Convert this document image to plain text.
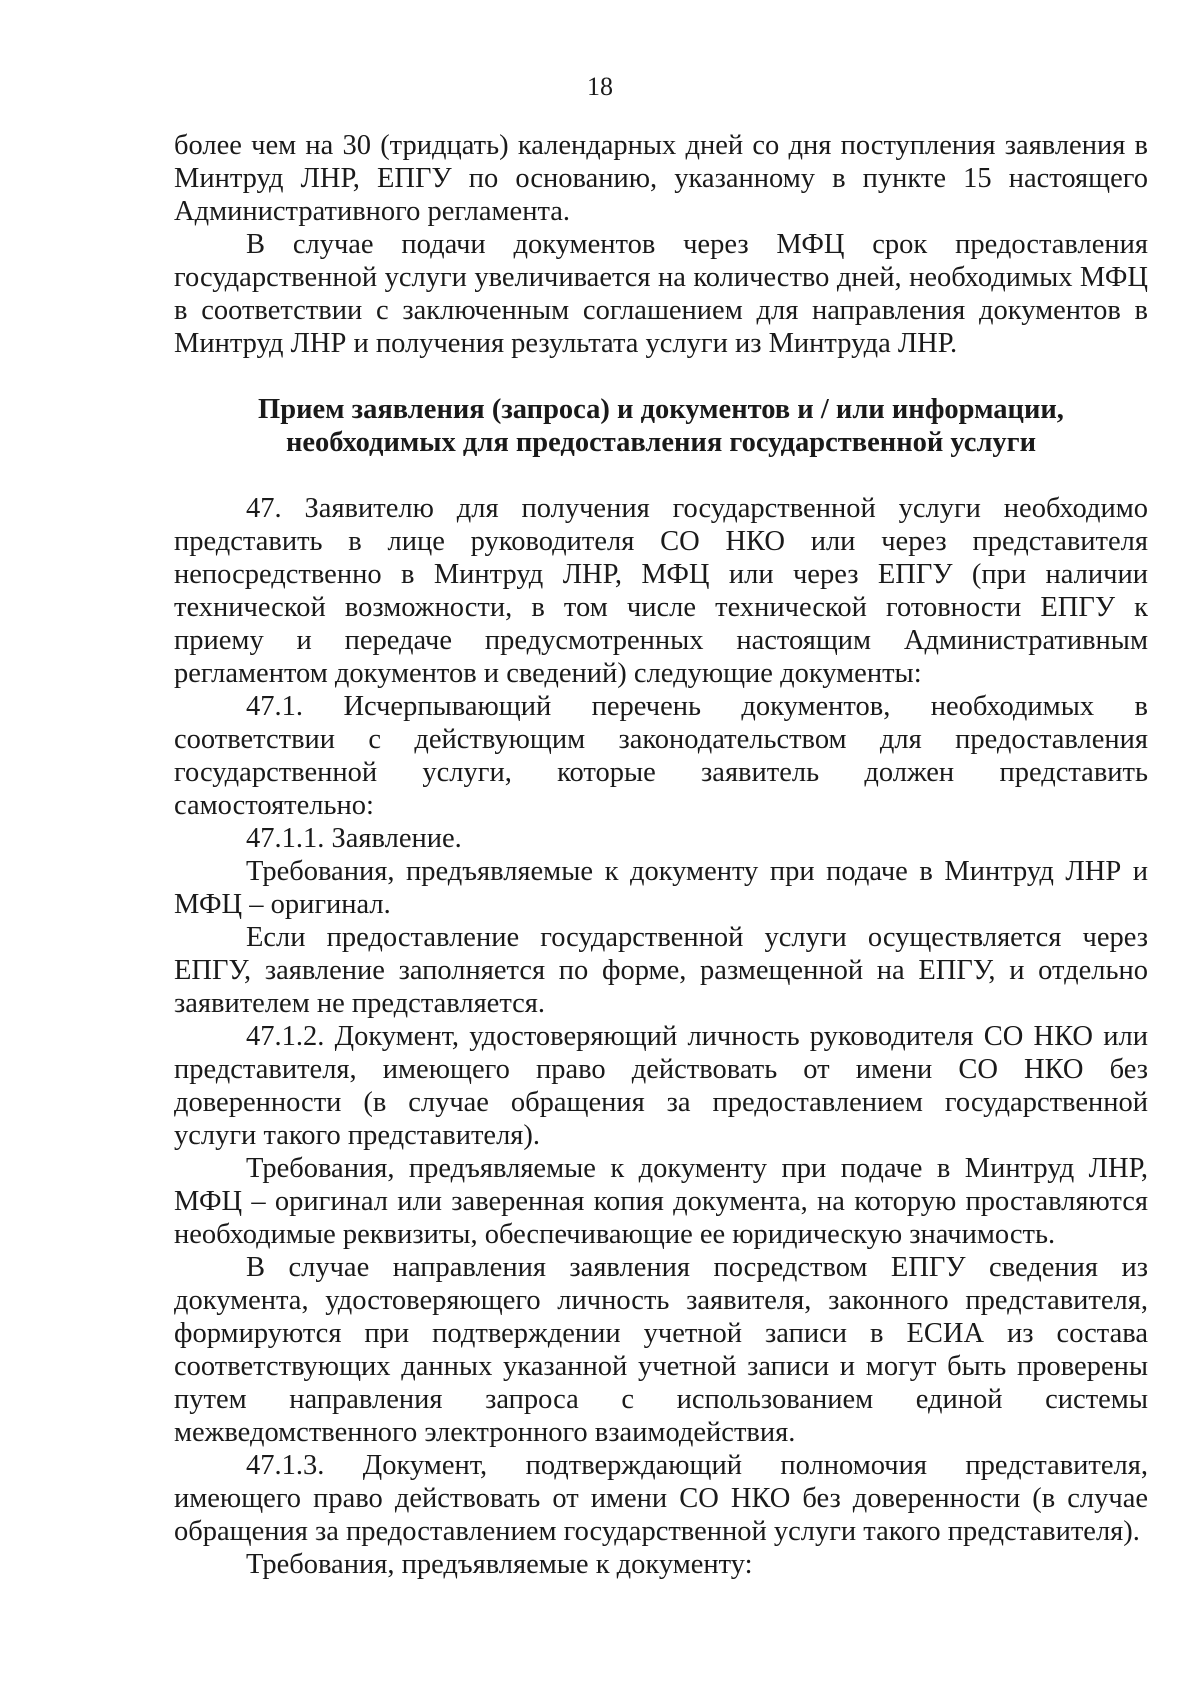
18

более чем на 30 (тридцать) календарных дней со дня поступления заявления в Минтруд ЛНР, ЕПГУ по основанию, указанному в пункте 15 настоящего Административного регламента.

В случае подачи документов через МФЦ срок предоставления государственной услуги увеличивается на количество дней, необходимых МФЦ в соответствии с заключенным соглашением для направления документов в Минтруд ЛНР и получения результата услуги из Минтруда ЛНР.

Прием заявления (запроса) и документов и / или информации,
необходимых для предоставления государственной услуги

47. Заявителю для получения государственной услуги необходимо представить в лице руководителя СО НКО или через представителя непосредственно в Минтруд ЛНР, МФЦ или через ЕПГУ (при наличии технической возможности, в том числе технической готовности ЕПГУ к приему и передаче предусмотренных настоящим Административным регламентом документов и сведений) следующие документы:

47.1. Исчерпывающий перечень документов, необходимых в соответствии с действующим законодательством для предоставления государственной услуги, которые заявитель должен представить самостоятельно:

47.1.1. Заявление.

Требования, предъявляемые к документу при подаче в Минтруд ЛНР и МФЦ – оригинал.

Если предоставление государственной услуги осуществляется через ЕПГУ, заявление заполняется по форме, размещенной на ЕПГУ, и отдельно заявителем не представляется.

47.1.2. Документ, удостоверяющий личность руководителя СО НКО или представителя, имеющего право действовать от имени СО НКО без доверенности (в случае обращения за предоставлением государственной услуги такого представителя).

Требования, предъявляемые к документу при подаче в Минтруд ЛНР, МФЦ – оригинал или заверенная копия документа, на которую проставляются необходимые реквизиты, обеспечивающие ее юридическую значимость.

В случае направления заявления посредством ЕПГУ сведения из документа, удостоверяющего личность заявителя, законного представителя, формируются при подтверждении учетной записи в ЕСИА из состава соответствующих данных указанной учетной записи и могут быть проверены путем направления запроса с использованием единой системы межведомственного электронного взаимодействия.

47.1.3. Документ, подтверждающий полномочия представителя, имеющего право действовать от имени СО НКО без доверенности (в случае обращения за предоставлением государственной услуги такого представителя).

Требования, предъявляемые к документу:
